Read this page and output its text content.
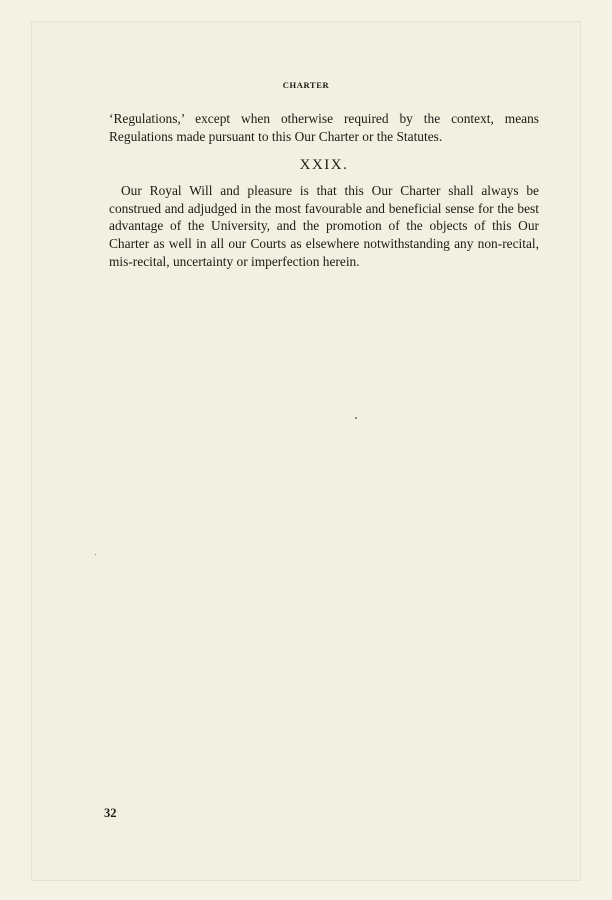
CHARTER

‘Regulations,’ except when otherwise required by the context, means Regulations made pursuant to this Our Charter or the Statutes.

XXIX.

Our Royal Will and pleasure is that this Our Charter shall always be construed and adjudged in the most favourable and beneficial sense for the best advantage of the University, and the promotion of the objects of this Our Charter as well in all our Courts as elsewhere notwithstanding any non-recital, mis-recital, uncertainty or imperfection herein.

32
